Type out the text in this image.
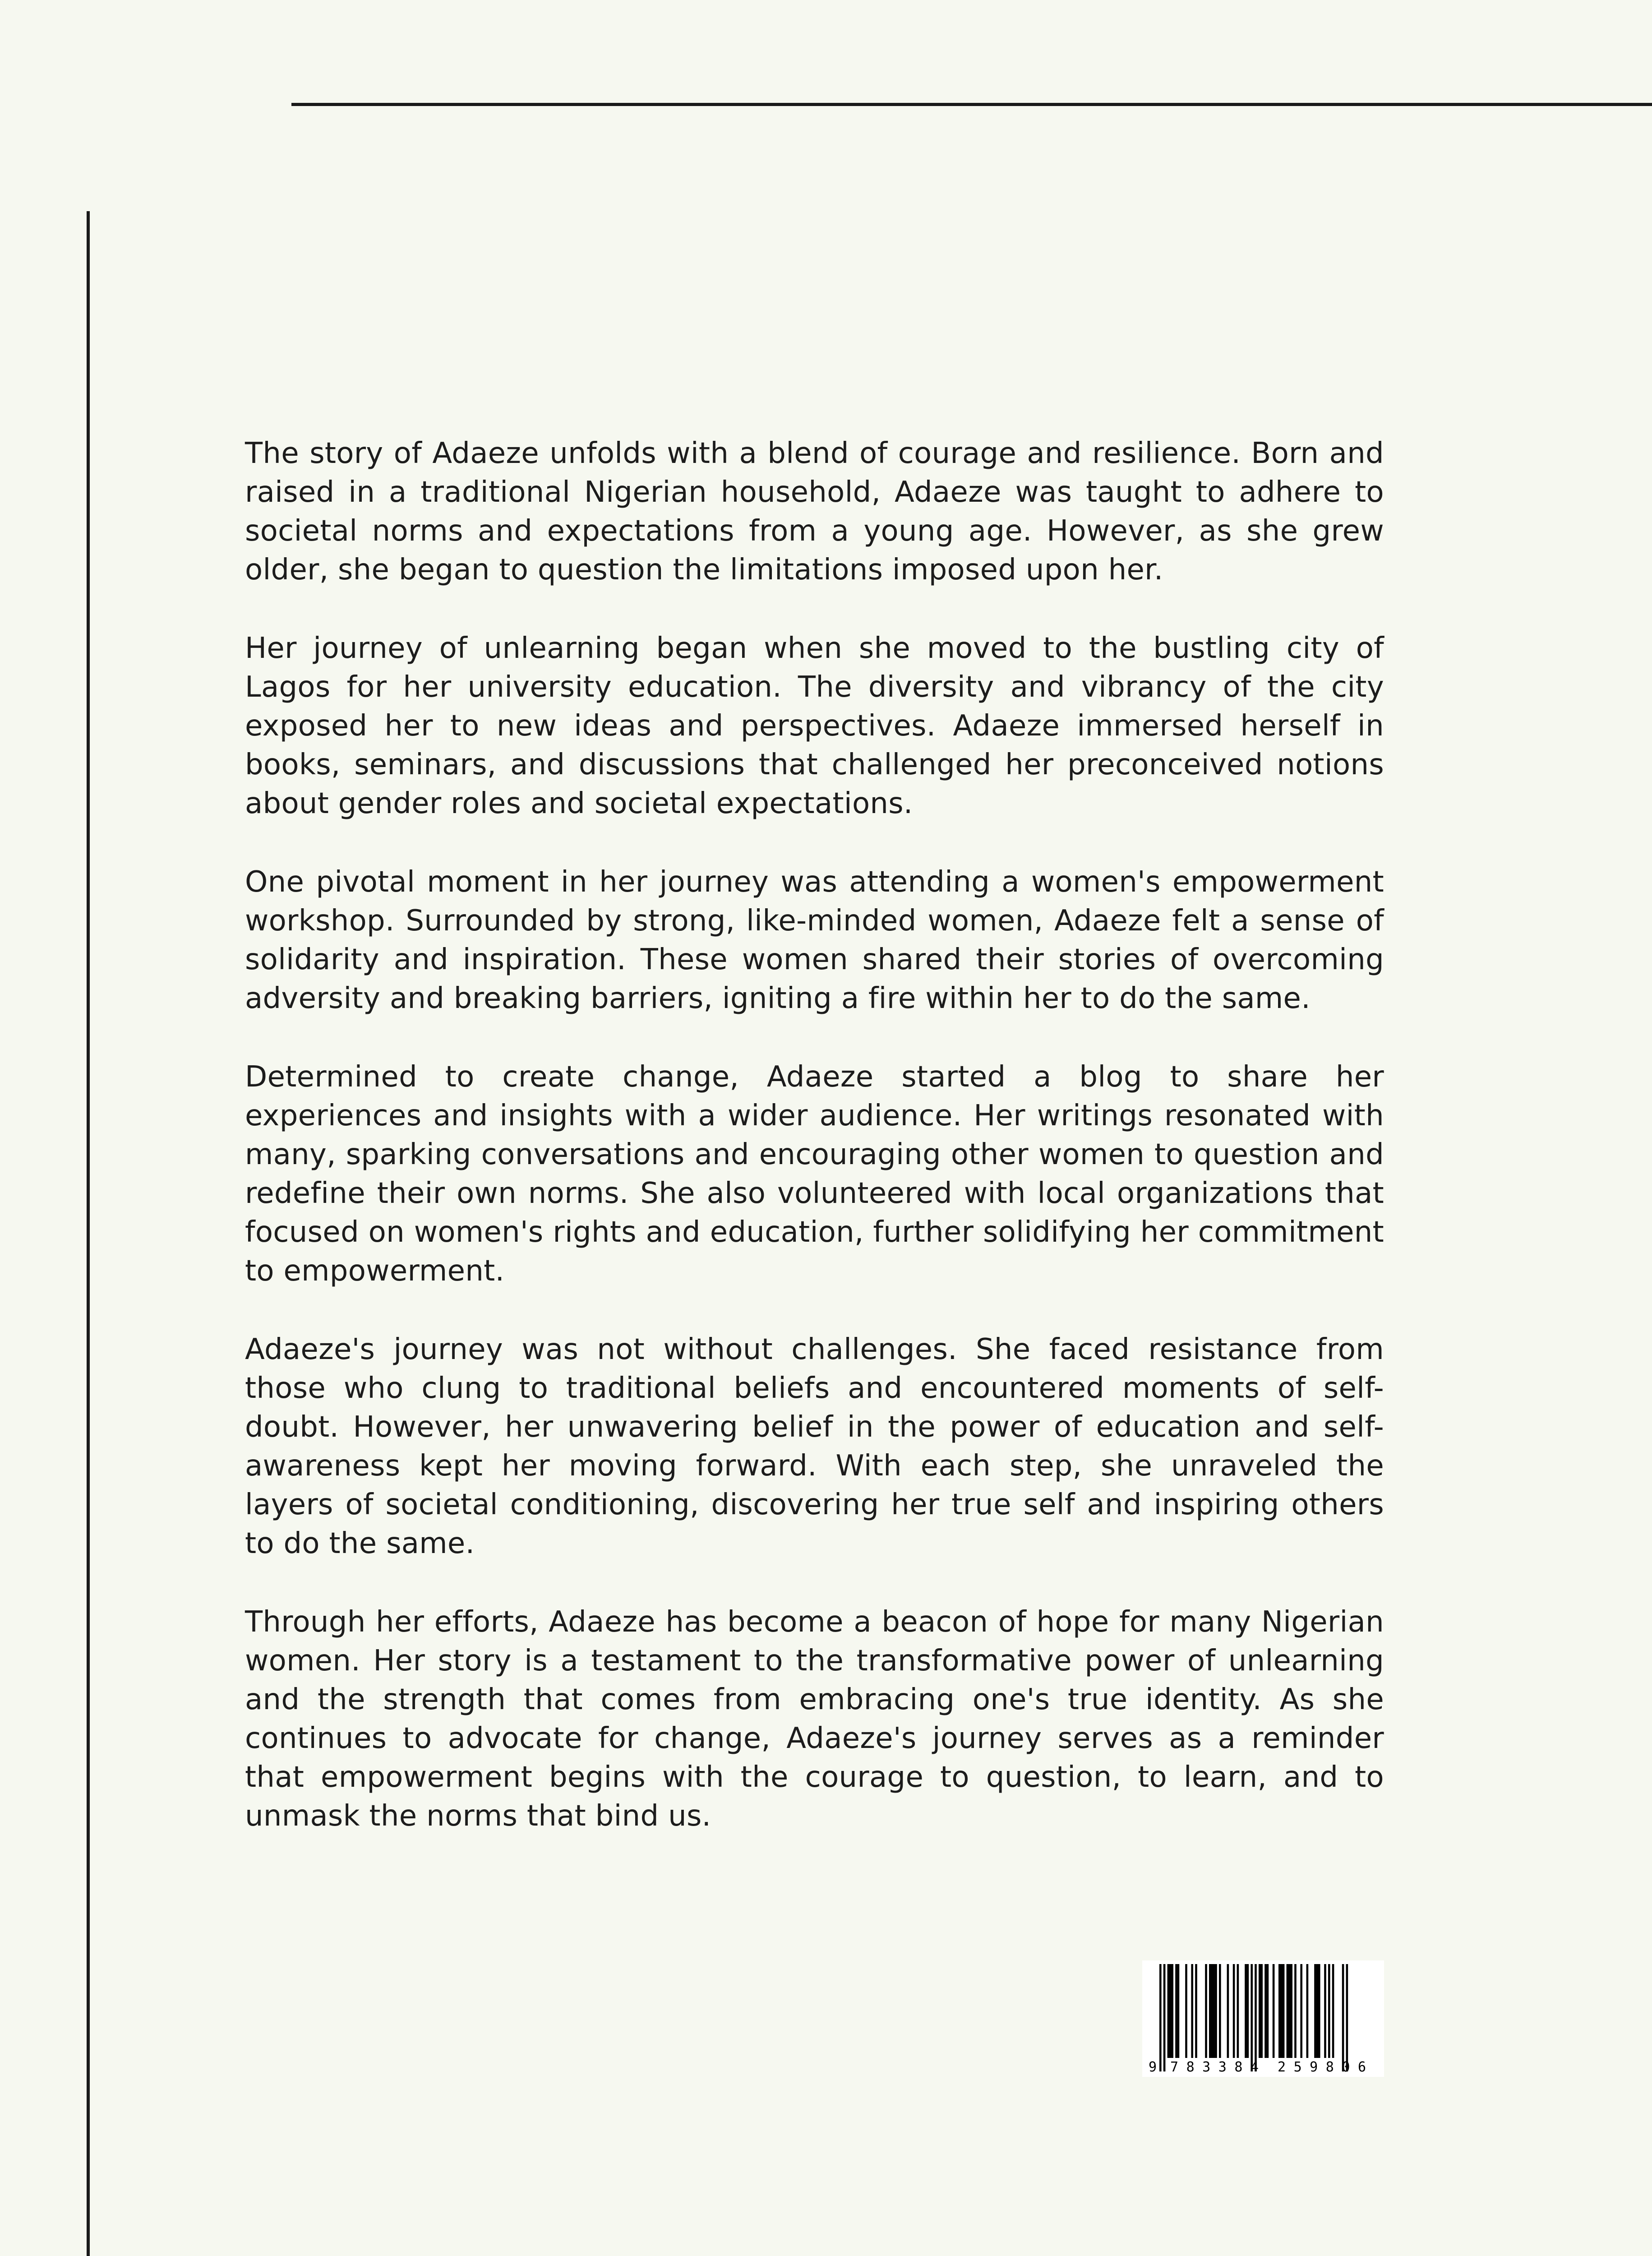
The story of Adaeze unfolds with a blend of courage and resilience. Born and raised in a traditional Nigerian household, Adaeze was taught to adhere to societal norms and expectations from a young age. However, as she grew older, she began to question the limitations imposed upon her.

Her journey of unlearning began when she moved to the bustling city of Lagos for her university education. The diversity and vibrancy of the city exposed her to new ideas and perspectives. Adaeze immersed herself in books, seminars, and discussions that challenged her preconceived notions about gender roles and societal expectations.

One pivotal moment in her journey was attending a women's empowerment workshop. Surrounded by strong, like-minded women, Adaeze felt a sense of solidarity and inspiration. These women shared their stories of overcoming adversity and breaking barriers, igniting a fire within her to do the same.

Determined to create change, Adaeze started a blog to share her experiences and insights with a wider audience. Her writings resonated with many, sparking conversations and encouraging other women to question and redefine their own norms. She also volunteered with local organizations that focused on women's rights and education, further solidifying her commitment to empowerment.

Adaeze's journey was not without challenges. She faced resistance from those who clung to traditional beliefs and encountered moments of self-doubt. However, her unwavering belief in the power of education and self-awareness kept her moving forward. With each step, she unraveled the layers of societal conditioning, discovering her true self and inspiring others to do the same.

Through her efforts, Adaeze has become a beacon of hope for many Nigerian women. Her story is a testament to the transformative power of unlearning and the strength that comes from embracing one's true identity. As she continues to advocate for change, Adaeze's journey serves as a reminder that empowerment begins with the courage to question, to learn, and to unmask the norms that bind us.

9 783384 259806
